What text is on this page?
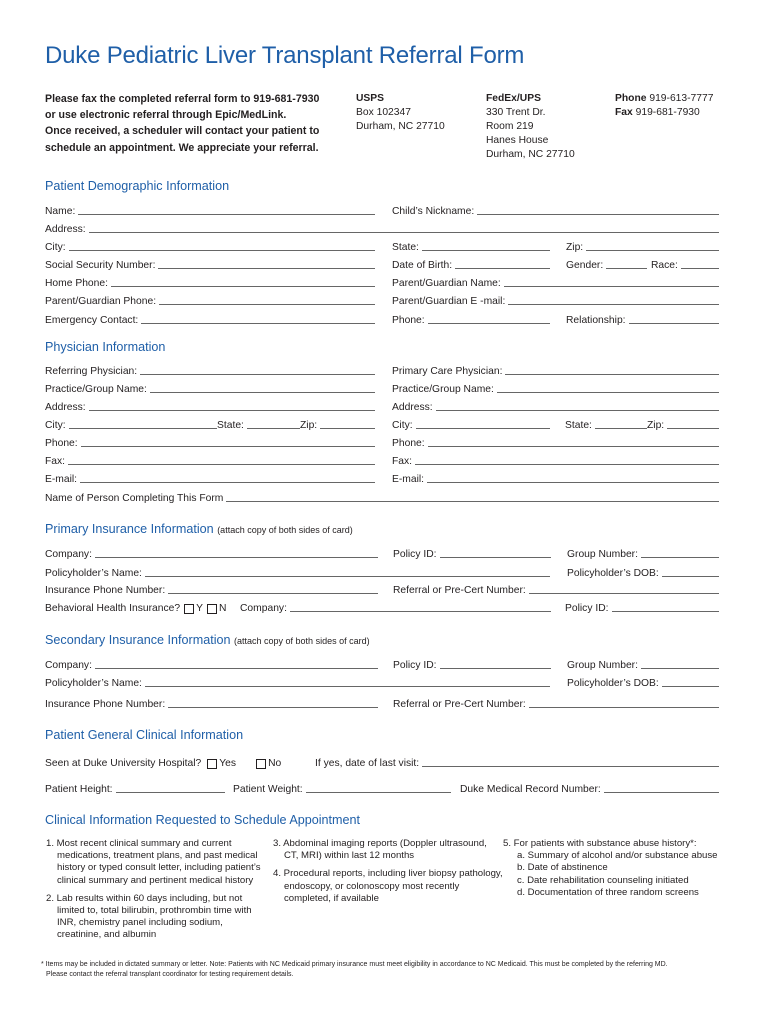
Duke Pediatric Liver Transplant Referral Form
Please fax the completed referral form to 919-681-7930
or use electronic referral through Epic/MedLink.
Once received, a scheduler will contact your patient to
schedule an appointment. We appreciate your referral.
USPS
Box 102347
Durham, NC 27710
FedEx/UPS
330 Trent Dr.
Room 219
Hanes House
Durham, NC 27710
Phone 919-613-7777
Fax 919-681-7930
Patient Demographic Information
Name:	Child’s Nickname:
Address:
City:	State:	Zip:
Social Security Number:	Date of Birth:	Gender:	Race:
Home Phone:	Parent/Guardian Name:
Parent/Guardian Phone:	Parent/Guardian E -mail:
Emergency Contact:	Phone:	Relationship:
Physician Information
Referring Physician:	Primary Care Physician:
Practice/Group Name:	Practice/Group Name:
Address:	Address:
City:	State:	Zip:	City:	State:	Zip:
Phone:	Phone:
Fax:	Fax:
E-mail:	E-mail:
Name of Person Completing This Form
Primary Insurance Information (attach copy of both sides of card)
Company:	Policy ID:	Group Number:
Policyholder’s Name:	Policyholder’s DOB:
Insurance Phone Number:	Referral or Pre-Cert Number:
Behavioral Health Insurance? Y N Company:	Policy ID:
Secondary Insurance Information (attach copy of both sides of card)
Company:	Policy ID:	Group Number:
Policyholder’s Name:	Policyholder’s DOB:
Insurance Phone Number:	Referral or Pre-Cert Number:
Patient General Clinical Information
Seen at Duke University Hospital? Yes	No	If yes, date of last visit:
Patient Height:	Patient Weight:	Duke Medical Record Number:
Clinical Information Requested to Schedule Appointment

1. Most recent clinical summary and current medications, treatment plans, and past medical history or typed consult letter, including patient’s clinical summary and pertinent medical history

2. Lab results within 60 days including, but not limited to, total bilirubin, prothrombin time with INR, chemistry panel including sodium, creatinine, and albumin

3. Abdominal imaging reports (Doppler ultrasound, CT, MRI) within last 12 months

4. Procedural reports, including liver biopsy pathology, endoscopy, or colonoscopy most recently completed, if available

5. For patients with substance abuse history*:

a. Summary of alcohol and/or substance abuse

b. Date of abstinence

c. Date rehabilitation counseling initiated

d. Documentation of three random screens

* Items may be included in dictated summary or letter. Note: Patients with NC Medicaid primary insurance must meet eligibility in accordance to NC Medicaid. This must be completed by the referring MD.
Please contact the referral transplant coordinator for testing requirement details.
